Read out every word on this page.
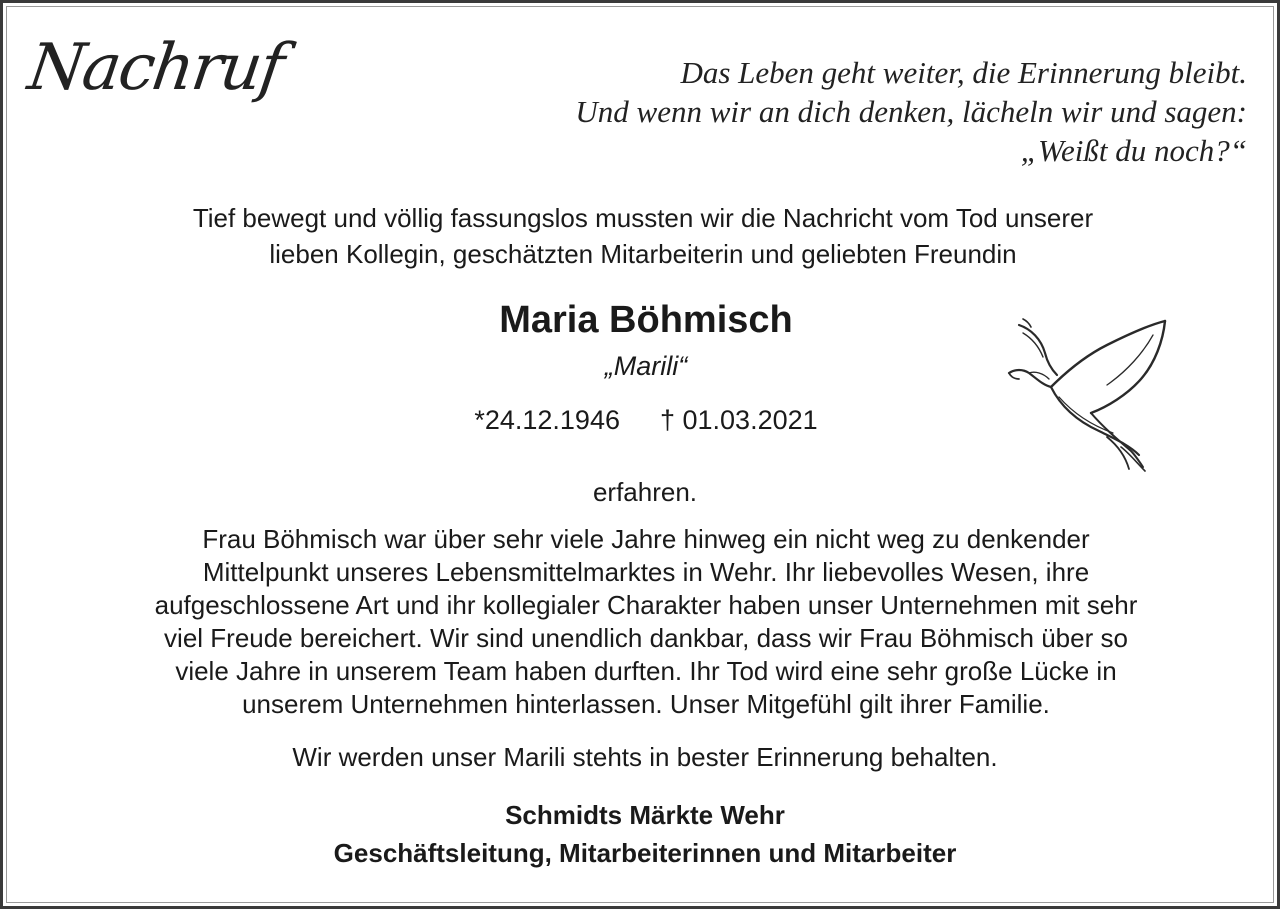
Nachruf	Das Leben geht weiter, die Erinnerung bleibt.
Und wenn wir an dich denken, lächeln wir und sagen:
„Weißt du noch?“
Tief bewegt und völlig fassungslos mussten wir die Nachricht vom Tod unserer
lieben Kollegin, geschätzten Mitarbeiterin und geliebten Freundin
Maria Böhmisch
„Marili“
*24.12.1946 † 01.03.2021
erfahren.
Frau Böhmisch war über sehr viele Jahre hinweg ein nicht weg zu denkender
Mittelpunkt unseres Lebensmittelmarktes in Wehr. Ihr liebevolles Wesen, ihre
aufgeschlossene Art und ihr kollegialer Charakter haben unser Unternehmen mit sehr
viel Freude bereichert. Wir sind unendlich dankbar, dass wir Frau Böhmisch über so
viele Jahre in unserem Team haben durften. Ihr Tod wird eine sehr große Lücke in
unserem Unternehmen hinterlassen. Unser Mitgefühl gilt ihrer Familie.
Wir werden unser Marili stehts in bester Erinnerung behalten.
Schmidts Märkte Wehr
Geschäftsleitung, Mitarbeiterinnen und Mitarbeiter
